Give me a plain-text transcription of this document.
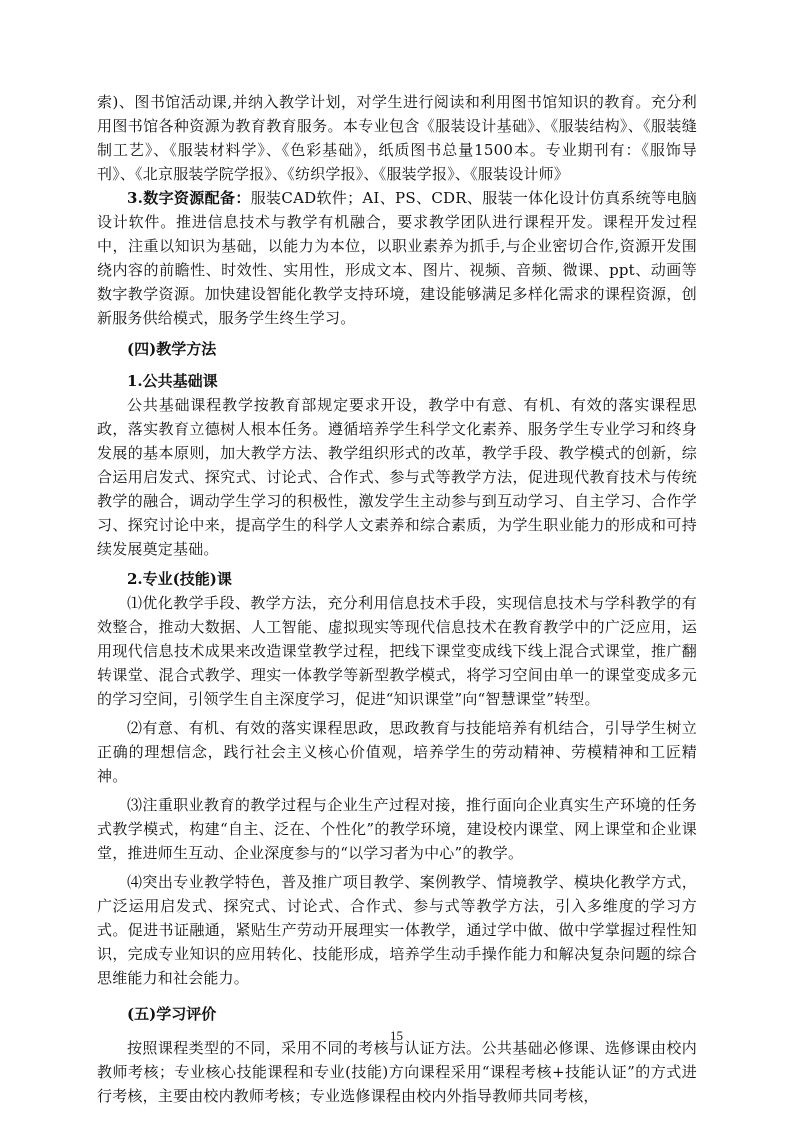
索)、图书馆活动课,并纳入教学计划，对学生进行阅读和利用图书馆知识的教育。充分利用图书馆各种资源为教育教育服务。本专业包含《服装设计基础》、《服装结构》、《服装缝制工艺》、《服装材料学》、《色彩基础》，纸质图书总量1500本。专业期刊有：《服饰导刊》、《北京服装学院学报》、《纺织学报》、《服装学报》、《服装设计师》

3.数字资源配备：服装CAD软件；AI、PS、CDR、服装一体化设计仿真系统等电脑设计软件。推进信息技术与教学有机融合，要求教学团队进行课程开发。课程开发过程中，注重以知识为基础，以能力为本位，以职业素养为抓手,与企业密切合作,资源开发围绕内容的前瞻性、时效性、实用性，形成文本、图片、视频、音频、微课、ppt、动画等数字教学资源。加快建设智能化教学支持环境，建设能够满足多样化需求的课程资源，创新服务供给模式，服务学生终生学习。

(四)教学方法
1.公共基础课

公共基础课程教学按教育部规定要求开设，教学中有意、有机、有效的落实课程思政，落实教育立德树人根本任务。遵循培养学生科学文化素养、服务学生专业学习和终身发展的基本原则，加大教学方法、教学组织形式的改革，教学手段、教学模式的创新，综合运用启发式、探究式、讨论式、合作式、参与式等教学方法，促进现代教育技术与传统教学的融合，调动学生学习的积极性，激发学生主动参与到互动学习、自主学习、合作学习、探究讨论中来，提高学生的科学人文素养和综合素质，为学生职业能力的形成和可持续发展奠定基础。

2.专业(技能)课

⑴优化教学手段、教学方法，充分利用信息技术手段，实现信息技术与学科教学的有效整合，推动大数据、人工智能、虚拟现实等现代信息技术在教育教学中的广泛应用，运用现代信息技术成果来改造课堂教学过程，把线下课堂变成线下线上混合式课堂，推广翻转课堂、混合式教学、理实一体教学等新型教学模式，将学习空间由单一的课堂变成多元的学习空间，引领学生自主深度学习，促进“知识课堂”向“智慧课堂”转型。

⑵有意、有机、有效的落实课程思政，思政教育与技能培养有机结合，引导学生树立正确的理想信念，践行社会主义核心价值观，培养学生的劳动精神、劳模精神和工匠精神。

⑶注重职业教育的教学过程与企业生产过程对接，推行面向企业真实生产环境的任务式教学模式，构建“自主、泛在、个性化”的教学环境，建设校内课堂、网上课堂和企业课堂，推进师生互动、企业深度参与的“以学习者为中心”的教学。

⑷突出专业教学特色，普及推广项目教学、案例教学、情境教学、模块化教学方式，广泛运用启发式、探究式、讨论式、合作式、参与式等教学方法，引入多维度的学习方式。促进书证融通，紧贴生产劳动开展理实一体教学，通过学中做、做中学掌握过程性知识，完成专业知识的应用转化、技能形成，培养学生动手操作能力和解决复杂问题的综合思维能力和社会能力。

(五)学习评价

按照课程类型的不同，采用不同的考核与认证方法。公共基础必修课、选修课由校内教师考核；专业核心技能课程和专业(技能)方向课程采用“课程考核+技能认证”的方式进行考核，主要由校内教师考核；专业选修课程由校内外指导教师共同考核，

15
